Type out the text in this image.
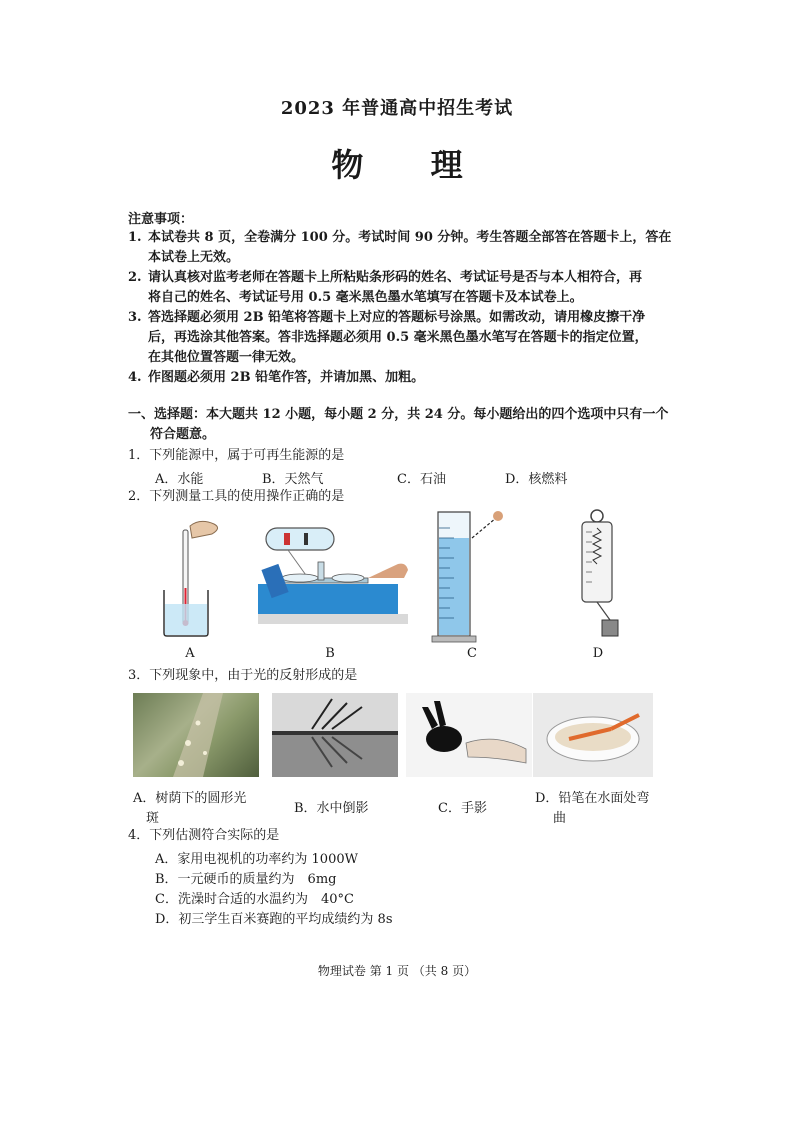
2023 年普通高中招生考试
物 理
注意事项：
1. 本试卷共 8 页，全卷满分 100 分。考试时间 90 分钟。考生答题全部答在答题卡上，答在
本试卷上无效。
2. 请认真核对监考老师在答题卡上所粘贴条形码的姓名、考试证号是否与本人相符合，再
将自己的姓名、考试证号用 0.5 毫米黑色墨水笔填写在答题卡及本试卷上。
3. 答选择题必须用 2B 铅笔将答题卡上对应的答题标号涂黑。如需改动，请用橡皮擦干净
后，再选涂其他答案。答非选择题必须用 0.5 毫米黑色墨水笔写在答题卡的指定位置，
在其他位置答题一律无效。
4. 作图题必须用 2B 铅笔作答，并请加黑、加粗。
一、选择题：本大题共 12 小题，每小题 2 分，共 24 分。每小题给出的四个选项中只有一个
符合题意。
1．下列能源中，属于可再生能源的是
A．水能	B．天然气	C．石油	D．核燃料
2．下列测量工具的使用操作正确的是
A	B	C	D
3．下列现象中，由于光的反射形成的是
A．树荫下的圆形光
斑
B．水中倒影	C．手影
D．铅笔在水面处弯
曲
4．下列估测符合实际的是
A．家用电视机的功率约为 1000W
B．一元硬币的质量约为　6mg
C．洗澡时合适的水温约为　40°C
D．初三学生百米赛跑的平均成绩约为 8s
物理试卷 第 1 页 （共 8 页）
